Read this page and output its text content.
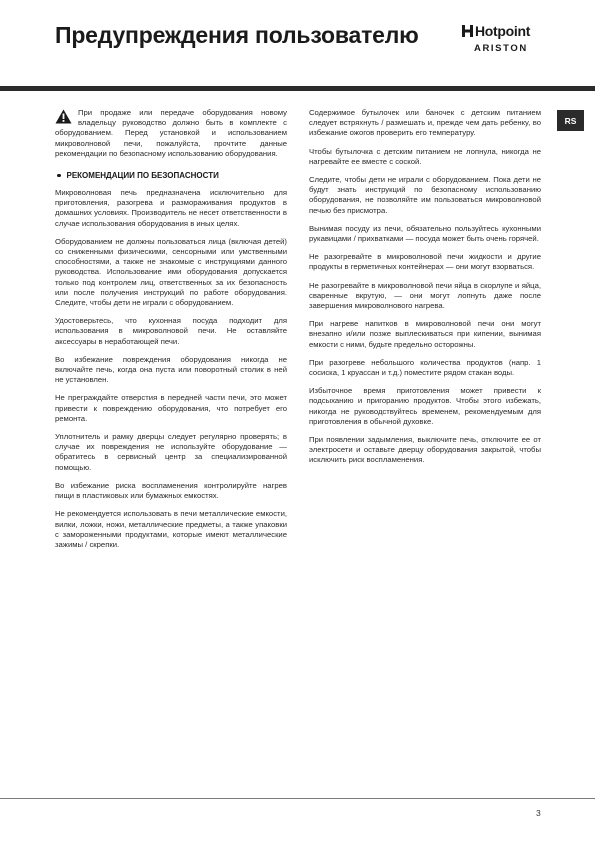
Предупреждения пользователю	Hotpoint
ARISTON
RS

При продаже или передаче оборудования новому владельцу руководство должно быть в комплекте с оборудованием. Перед установкой и использованием микроволновой печи, пожалуйста, прочтите данные рекомендации по безопасному использованию оборудования.

РЕКОМЕНДАЦИИ ПО БЕЗОПАСНОСТИ

Микроволновая печь предназначена исключительно для приготовления, разогрева и размораживания продуктов в домашних условиях. Производитель не несет ответственности в случае использования оборудования в иных целях.

Оборудованием не должны пользоваться лица (включая детей) со сниженными физическими, сенсорными или умственными способностями, а также не знакомые с инструкциями данного руководства. Использование ими оборудования допускается только под контролем лиц, ответственных за их безопасность или после получения инструкций по работе оборудования. Следите, чтобы дети не играли с оборудованием.

Удостоверьтесь, что кухонная посуда подходит для использования в микроволновой печи. Не оставляйте аксессуары в неработающей печи.

Во избежание повреждения оборудования никогда не включайте печь, когда она пуста или поворотный столик в ней не установлен.

Не преграждайте отверстия в передней части печи, это может привести к повреждению оборудования, что потребует его ремонта.

Уплотнитель и рамку дверцы следует регулярно проверять; в случае их повреждения не используйте оборудование — обратитесь в сервисный центр за специализированной помощью.

Во избежание риска воспламенения контролируйте нагрев пищи в пластиковых или бумажных емкостях.

Не рекомендуется использовать в печи металлические емкости, вилки, ложки, ножи, металлические предметы, а также упаковки с замороженными продуктами, которые имеют металлические зажимы / скрепки.

Содержимое бутылочек или баночек с детским питанием следует встряхнуть / размешать и, прежде чем дать ребенку, во избежание ожогов проверить его температуру.

Чтобы бутылочка с детским питанием не лопнула, никогда не нагревайте ее вместе с соской.

Следите, чтобы дети не играли с оборудованием. Пока дети не будут знать инструкций по безопасному использованию оборудования, не позволяйте им пользоваться микроволновой печью без присмотра.

Вынимая посуду из печи, обязательно пользуйтесь кухонными рукавицами / прихватками — посуда может быть очень горячей.

Не разогревайте в микроволновой печи жидкости и другие продукты в герметичных контейнерах — они могут взорваться.

Не разогревайте в микроволновой печи яйца в скорлупе и яйца, сваренные вкрутую, — они могут лопнуть даже после завершения микроволнового нагрева.

При нагреве напитков в микроволновой печи они могут внезапно и/или позже выплескиваться при кипении, вынимая емкости с ними, будьте предельно осторожны.

При разогреве небольшого количества продуктов (напр. 1 сосиска, 1 круассан и т.д.) поместите рядом стакан воды.

Избыточное время приготовления может привести к подсыханию и пригоранию продуктов. Чтобы этого избежать, никогда не руководствуйтесь временем, рекомендуемым для приготовления в обычной духовке.

При появлении задымления, выключите печь, отключите ее от электросети и оставьте дверцу оборудования закрытой, чтобы исключить риск воспламенения.

3
